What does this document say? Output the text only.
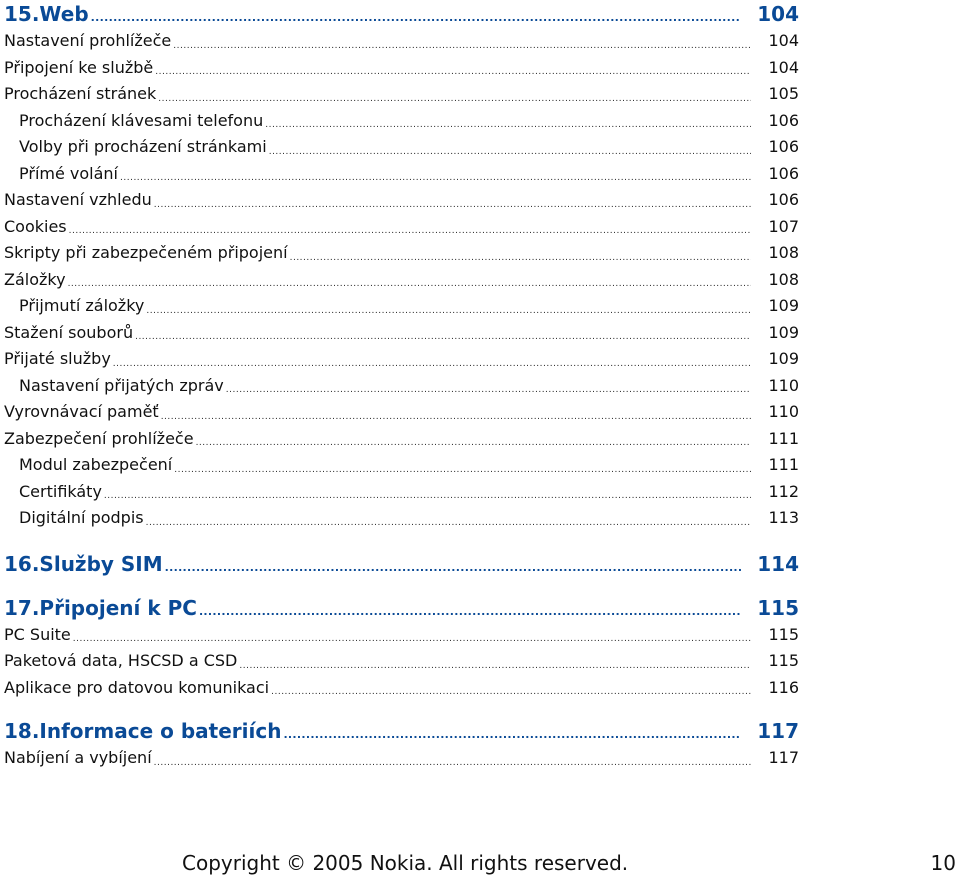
15.Web .....	104
Nastavení prohlížeče .....	104
Připojení ke službě .....	104
Procházení stránek .....	105
Procházení klávesami telefonu .....	106
Volby při procházení stránkami .....	106
Přímé volání .....	106
Nastavení vzhledu .....	106
Cookies .....	107
Skripty při zabezpečeném připojení .....	108
Záložky .....	108
Přijmutí záložky .....	109
Stažení souborů .....	109
Přijaté služby .....	109
Nastavení přijatých zpráv .....	110
Vyrovnávací paměť .....	110
Zabezpečení prohlížeče .....	111
Modul zabezpečení .....	111
Certifikáty .....	112
Digitální podpis .....	113
16.Služby SIM .....	114
17.Připojení k PC .....	115
PC Suite .....	115
Paketová data, HSCSD a CSD .....	115
Aplikace pro datovou komunikaci .....	116
18.Informace o bateriích .....	117
Nabíjení a vybíjení .....	117
Copyright © 2005 Nokia. All rights reserved.	10
